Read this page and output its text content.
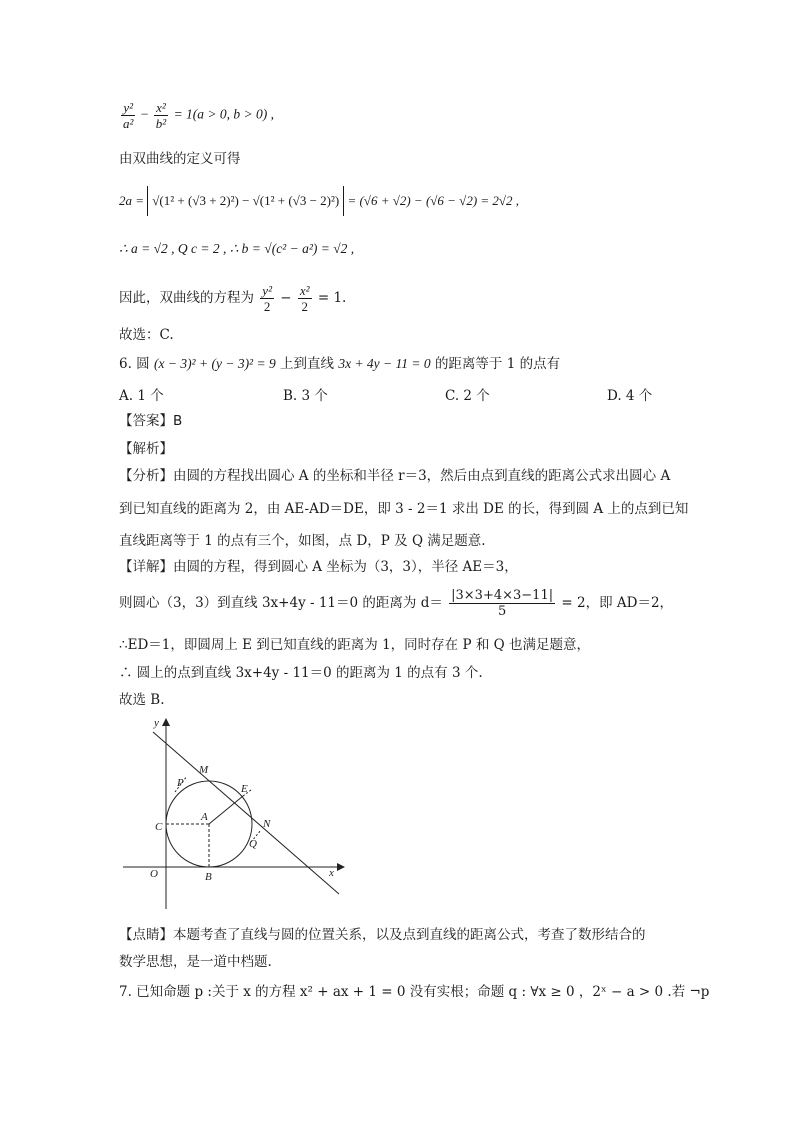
$\frac{\text{y²}}{\text{a²}} - \frac{\text{x²}}{\text{b²}} = 1(a > 0$, b > 0) ,
由双曲线的定义可得
2a = √(1² + (√3 + 2)²) − √(1² + (√3 − 2)²) = (√6 + √2) − (√6 − √2) = 2√2 ,
∴ a = √2 , Q c = 2 , ∴ b = √(c² − a²) = √2 ,
因此，双曲线的方程为 $\frac{\text{y²}}{2} - \frac{\text{x²}}{2} = 1$.
故选：C.
6. 圆 (x − 3)² + (y − 3)² = 9 上到直线 3x + 4y − 11 = 0 的距离等于 1 的点有
A. 1 个	B. 3 个	C. 2 个	D. 4 个
【答案】B
【解析】
【分析】由圆的方程找出圆心 A 的坐标和半径 r＝3，然后由点到直线的距离公式求出圆心 A
到已知直线的距离为 2，由 AE-AD＝DE，即 3 - 2＝1 求出 DE 的长，得到圆 A 上的点到已知
直线距离等于 1 的点有三个，如图，点 D，P 及 Q 满足题意.
【详解】由圆的方程，得到圆心 A 坐标为（3，3），半径 AE＝3，
则圆心（3，3）到直线 3x+4y - 11＝0 的距离为 $d= \frac{|3\times 3+4\times 3-11|}{5} = 2$，即 AD＝2，
∴ED＝1，即圆周上 E 到已知直线的距离为 1，同时存在 P 和 Q 也满足题意，
∴ 圆上的点到直线 3x+4y - 11＝0 的距离为 1 的点有 3 个.
故选 B.
y
x
O
A
B
C
E
M
N
P
Q
【点睛】本题考查了直线与圆的位置关系，以及点到直线的距离公式，考查了数形结合的
数学思想，是一道中档题.
7. 已知命题 p :关于 x 的方程 x² + ax + 1 = 0 没有实根；命题 q : ∀x ≥ 0 ，2ˣ − a > 0 .若 ¬p
